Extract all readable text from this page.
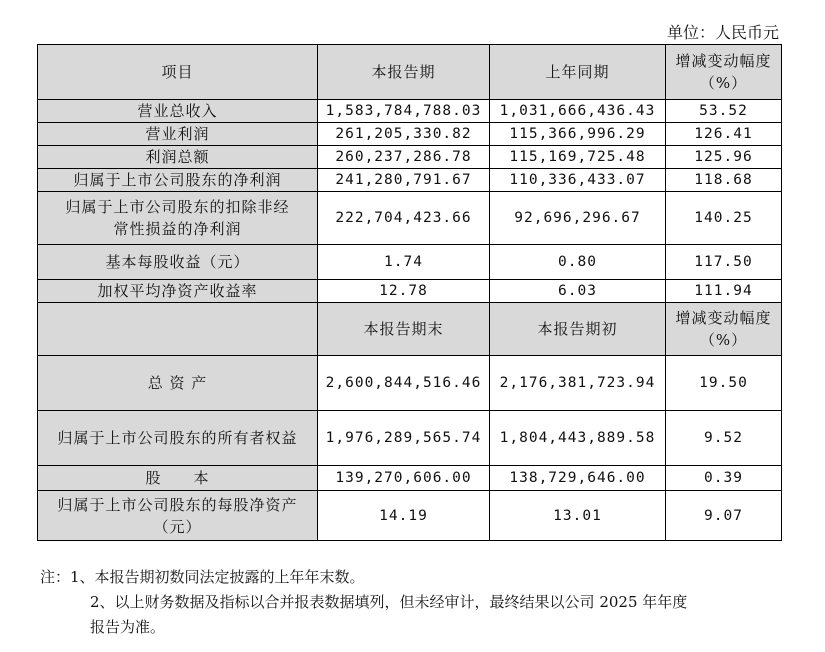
单位：人民币元
项目	本报告期	上年同期	增减变动幅度
（%）
营业总收入	1,583,784,788.03	1,031,666,436.43	53.52
营业利润	261,205,330.82	115,366,996.29	126.41
利润总额	260,237,286.78	115,169,725.48	125.96
归属于上市公司股东的净利润	241,280,791.67	110,336,433.07	118.68
归属于上市公司股东的扣除非经
常性损益的净利润	222,704,423.66	92,696,296.67	140.25
基本每股收益（元）	1.74	0.80	117.50
加权平均净资产收益率	12.78	6.03	111.94
	本报告期末	本报告期初	增减变动幅度
（%）
总 资 产	2,600,844,516.46	2,176,381,723.94	19.50
归属于上市公司股东的所有者权益	1,976,289,565.74	1,804,443,889.58	9.52
股　　本	139,270,606.00	138,729,646.00	0.39
归属于上市公司股东的每股净资产
（元）	14.19	13.01	9.07
注：1、本报告期初数同法定披露的上年年末数。
2、以上财务数据及指标以合并报表数据填列，但未经审计，最终结果以公司 2025 年年度
报告为准。
